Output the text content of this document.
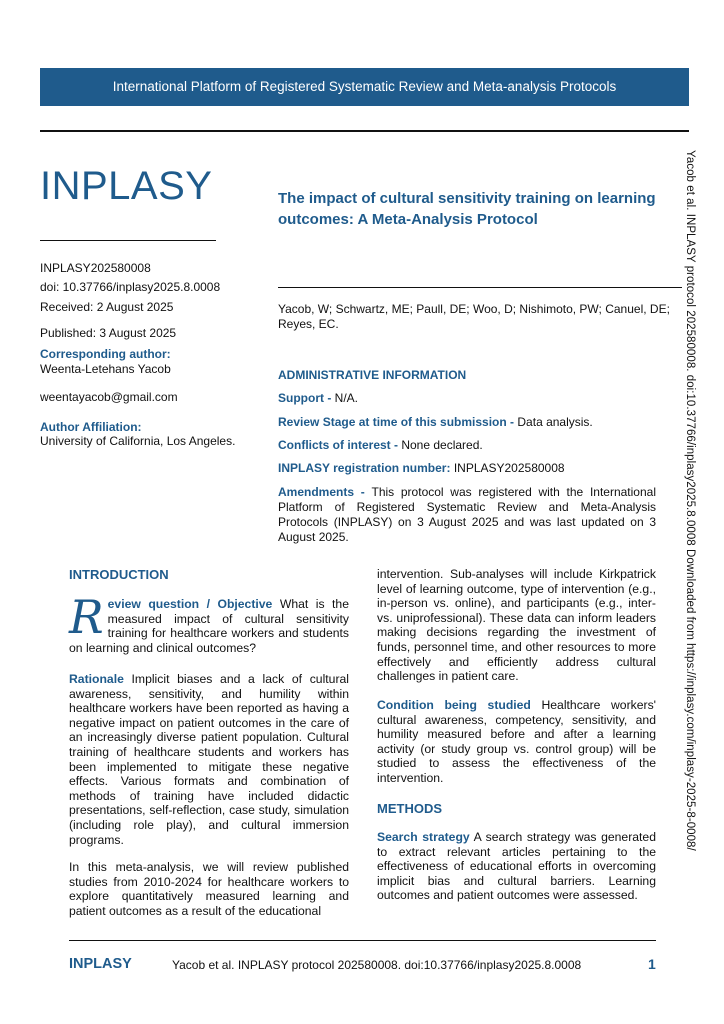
International Platform of Registered Systematic Review and Meta-analysis Protocols
INPLASY	The impact of cultural sensitivity training on learning outcomes: A Meta-Analysis Protocol
INPLASY202580008
doi: 10.37766/inplasy2025.8.0008
Received: 2 August 2025
Published: 3 August 2025
Yacob, W; Schwartz, ME; Paull, DE; Woo, D; Nishimoto, PW; Canuel, DE; Reyes, EC.
Corresponding author:
Weenta-Letehans Yacob
weentayacob@gmail.com
Author Affiliation:
University of California, Los Angeles.
ADMINISTRATIVE INFORMATION
Support - N/A.
Review Stage at time of this submission - Data analysis.
Conflicts of interest - None declared.
INPLASY registration number: INPLASY202580008
Amendments - This protocol was registered with the International Platform of Registered Systematic Review and Meta-Analysis Protocols (INPLASY) on 3 August 2025 and was last updated on 3 August 2025.	Yacob et al. INPLASY protocol 202580008. doi:10.37766/inplasy2025.8.0008 Downloaded from https://inplasy.com/inplasy-2025-8-0008/
INTRODUCTION

Review question / Objective What is the measured impact of cultural sensitivity training for healthcare workers and students on learning and clinical outcomes?

Rationale Implicit biases and a lack of cultural awareness, sensitivity, and humility within healthcare workers have been reported as having a negative impact on patient outcomes in the care of an increasingly diverse patient population. Cultural training of healthcare students and workers has been implemented to mitigate these negative effects. Various formats and combination of methods of training have included didactic presentations, self-reflection, case study, simulation (including role play), and cultural immersion programs.

In this meta-analysis, we will review published studies from 2010-2024 for healthcare workers to explore quantitatively measured learning and patient outcomes as a result of the educational
intervention. Sub-analyses will include Kirkpatrick level of learning outcome, type of intervention (e.g., in-person vs. online), and participants (e.g., inter- vs. uniprofessional). These data can inform leaders making decisions regarding the investment of funds, personnel time, and other resources to more effectively and efficiently address cultural challenges in patient care.

Condition being studied Healthcare workers' cultural awareness, competency, sensitivity, and humility measured before and after a learning activity (or study group vs. control group) will be studied to assess the effectiveness of the intervention.

METHODS

Search strategy A search strategy was generated to extract relevant articles pertaining to the effectiveness of educational efforts in overcoming implicit bias and cultural barriers. Learning outcomes and patient outcomes were assessed.

INPLASY	Yacob et al. INPLASY protocol 202580008. doi:10.37766/inplasy2025.8.0008	1
